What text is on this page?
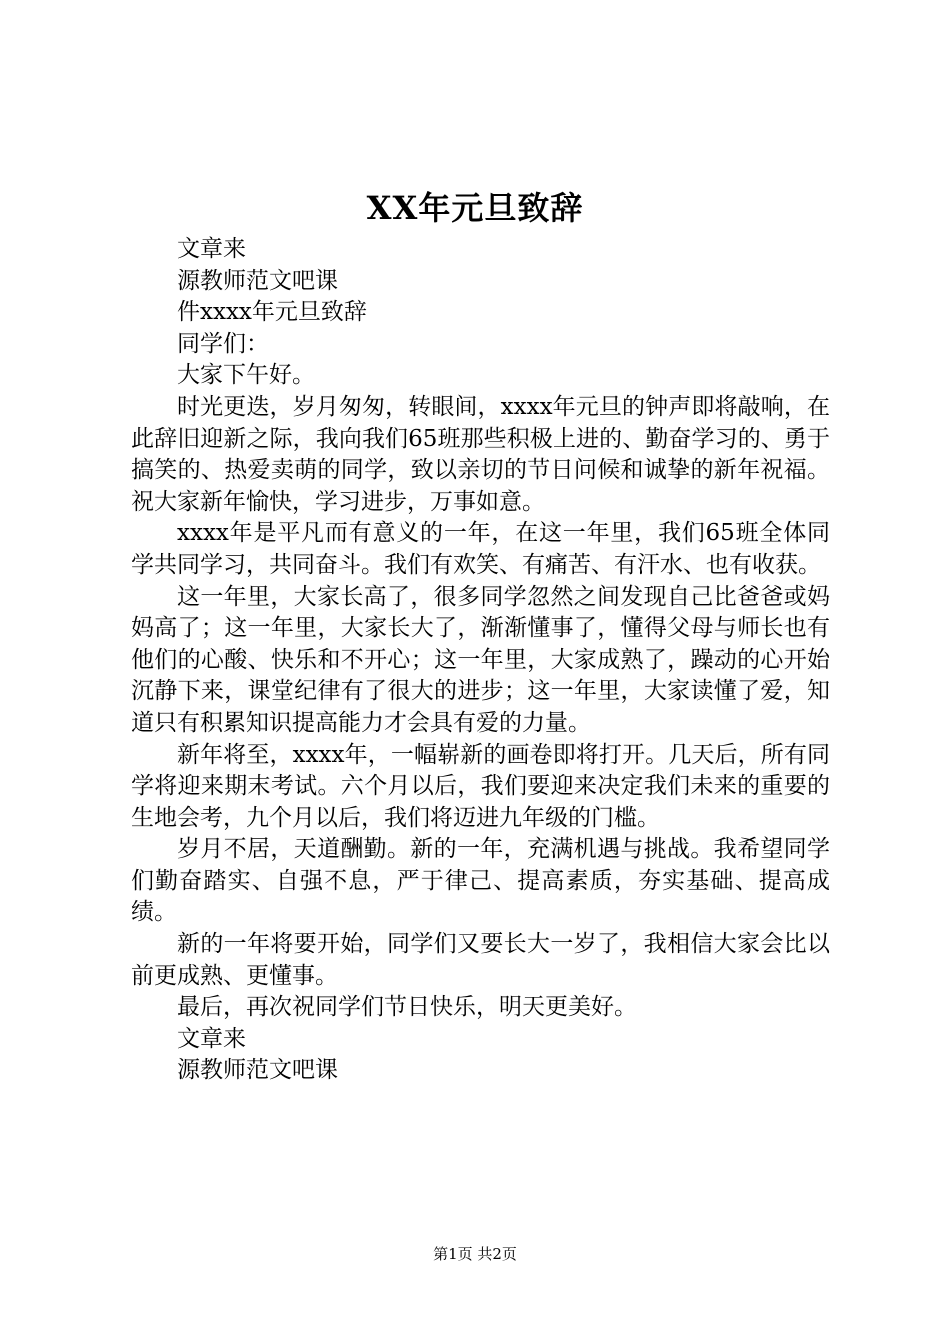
XX年元旦致辞

文章来

源教师范文吧课

件xxxx年元旦致辞

同学们：

大家下午好。

时光更迭，岁月匆匆，转眼间，xxxx年元旦的钟声即将敲响，在此辞旧迎新之际，我向我们65班那些积极上进的、勤奋学习的、勇于搞笑的、热爱卖萌的同学，致以亲切的节日问候和诚挚的新年祝福。祝大家新年愉快，学习进步，万事如意。

xxxx年是平凡而有意义的一年，在这一年里，我们65班全体同学共同学习，共同奋斗。我们有欢笑、有痛苦、有汗水、也有收获。

这一年里，大家长高了，很多同学忽然之间发现自己比爸爸或妈妈高了；这一年里，大家长大了，渐渐懂事了，懂得父母与师长也有他们的心酸、快乐和不开心；这一年里，大家成熟了，躁动的心开始沉静下来，课堂纪律有了很大的进步；这一年里，大家读懂了爱，知道只有积累知识提高能力才会具有爱的力量。

新年将至，xxxx年，一幅崭新的画卷即将打开。几天后，所有同学将迎来期末考试。六个月以后，我们要迎来决定我们未来的重要的生地会考，九个月以后，我们将迈进九年级的门槛。

岁月不居，天道酬勤。新的一年，充满机遇与挑战。我希望同学们勤奋踏实、自强不息，严于律己、提高素质，夯实基础、提高成绩。

新的一年将要开始，同学们又要长大一岁了，我相信大家会比以前更成熟、更懂事。

最后，再次祝同学们节日快乐，明天更美好。

文章来

源教师范文吧课

第1页 共2页
